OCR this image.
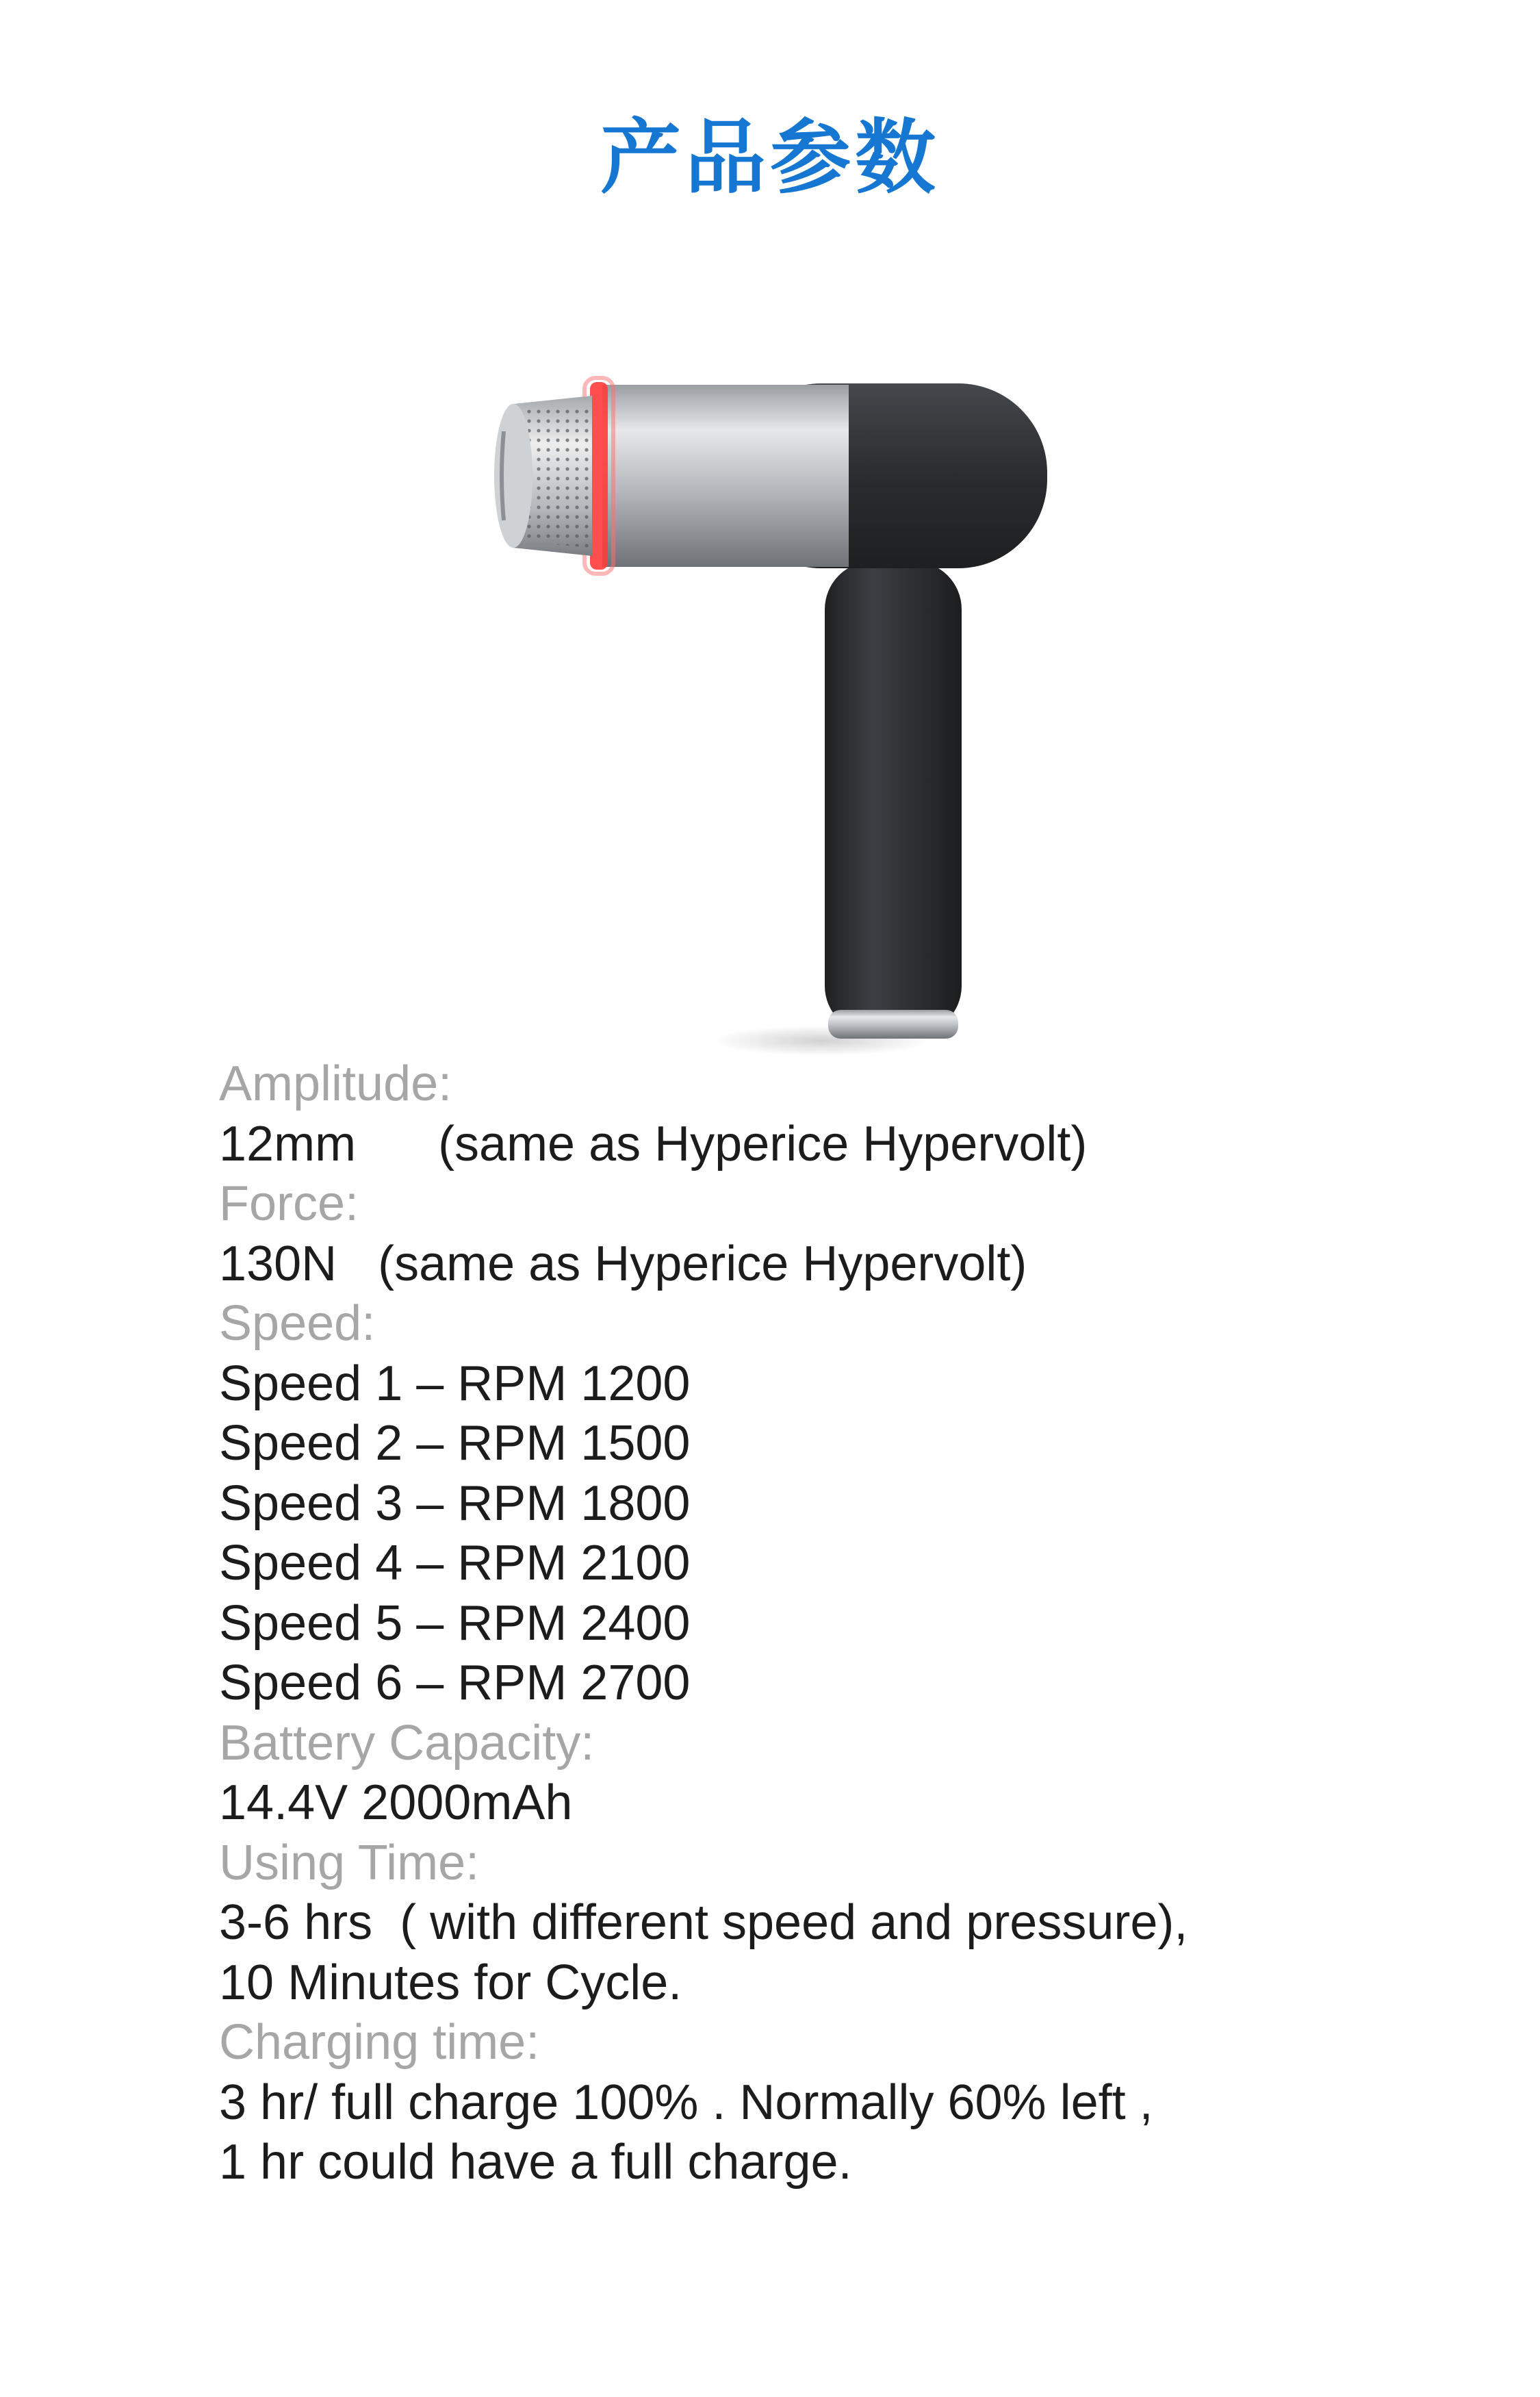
产品参数
Amplitude:
12mm      (same as Hyperice Hypervolt)
Force:
130N   (same as Hyperice Hypervolt)
Speed:
Speed 1 – RPM 1200
Speed 2 – RPM 1500
Speed 3 – RPM 1800
Speed 4 – RPM 2100
Speed 5 – RPM 2400
Speed 6 – RPM 2700
Battery Capacity:
14.4V 2000mAh
Using Time:
3-6 hrs  ( with different speed and pressure),
10 Minutes for Cycle.
Charging time:
3 hr/ full charge 100% . Normally 60% left ,
1 hr could have a full charge.
